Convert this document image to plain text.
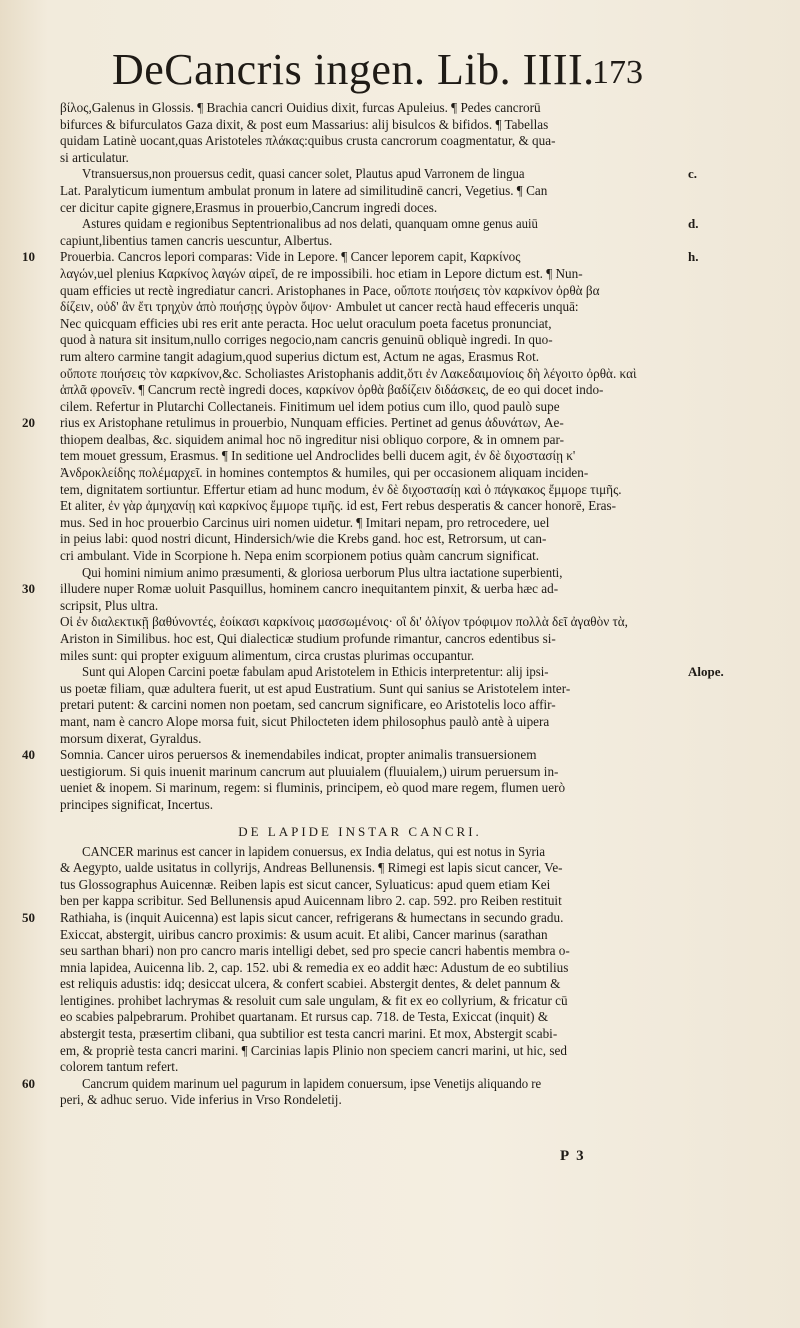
DeCancris ingen. Lib. IIII.
173
βίλος,Galenus in Glossis. ¶ Brachia cancri Ouidius dixit, furcas Apuleius. ¶ Pedes cancrorū
bifurces & bifurculatos Gaza dixit, & post eum Massarius: alij bisulcos & bifidos. ¶ Tabellas
quidam Latinè uocant,quas Aristoteles πλάκας:quibus crusta cancrorum coagmentatur, & qua-
si articulatur.
Vtransuersus,non prouersus cedit, quasi cancer solet, Plautus apud Varronem de lingua	c.
Lat. Paralyticum iumentum ambulat pronum in latere ad similitudinē cancri, Vegetius. ¶ Can
cer dicitur capite gignere,Erasmus in prouerbio,Cancrum ingredi doces.
Astures quidam e regionibus Septentrionalibus ad nos delati, quanquam omne genus auiū	d.
capiunt,libentius tamen cancris uescuntur, Albertus.
10	Prouerbia. Cancros lepori comparas: Vide in Lepore. ¶ Cancer leporem capit, Καρκίνος	h.
λαγών,uel plenius Καρκίνος λαγών αἱρεῖ, de re impossibili. hoc etiam in Lepore dictum est. ¶ Nun-
quam efficies ut rectè ingrediatur cancri. Aristophanes in Pace, οὔποτε ποιήσεις τὸν καρκίνον ὀρθὰ βα
δίζειν, οὐδ' ἂν ἔτι τρηχὺν ἀπὸ ποιήσῃς ὑγρὸν ὄψον· Ambulet ut cancer rectà haud effeceris unquā:
Nec quicquam efficies ubi res erit ante peracta. Hoc uelut oraculum poeta facetus pronunciat,
quod à natura sit insitum,nullo corriges negocio,nam cancris genuinū obliquè ingredi. In quo-
rum altero carmine tangit adagium,quod superius dictum est, Actum ne agas, Erasmus Rot.
οὔποτε ποιήσεις τὸν καρκίνον,&c. Scholiastes Aristophanis addit,ὅτι ἐν Λακεδαιμονίοις δὴ λέγοιτο ὀρθὰ. καὶ
ἁπλᾶ φρονεῖν. ¶ Cancrum rectè ingredi doces, καρκίνον ὀρθὰ βαδίζειν διδάσκεις, de eo qui docet indo-
cilem. Refertur in Plutarchi Collectaneis. Finitimum uel idem potius cum illo, quod paulò supe
20	rius ex Aristophane retulimus in prouerbio, Nunquam efficies. Pertinet ad genus ἀδυνάτων, Ae-
thiopem dealbas, &c. siquidem animal hoc nō ingreditur nisi obliquo corpore, & in omnem par-
tem mouet gressum, Erasmus. ¶ In seditione uel Androclides belli ducem agit, ἐν δὲ διχοστασίῃ κ'
Ἀνδροκλείδης πολέμαρχεῖ. in homines contemptos & humiles, qui per occasionem aliquam inciden-
tem, dignitatem sortiuntur. Effertur etiam ad hunc modum, ἐν δὲ διχοστασίῃ καὶ ὁ πάγκακος ἔμμορε τιμῆς.
Et aliter, ἐν γὰρ ἀμηχανίῃ καὶ καρκίνος ἔμμορε τιμῆς. id est, Fert rebus desperatis & cancer honorē, Eras-
mus. Sed in hoc prouerbio Carcinus uiri nomen uidetur. ¶ Imitari nepam, pro retrocedere, uel
in peius labi: quod nostri dicunt, Hindersich/wie die Krebs gand. hoc est, Retrorsum, ut can-
cri ambulant. Vide in Scorpione h. Nepa enim scorpionem potius quàm cancrum significat.
Qui homini nimium animo præsumenti, & gloriosa uerborum Plus ultra iactatione superbienti,
30	illudere nuper Romæ uoluit Pasquillus, hominem cancro inequitantem pinxit, & uerba hæc ad-
scripsit, Plus ultra.
Οἱ ἐν διαλεκτικῇ βαθύνοντές, ἐοίκασι καρκίνοις μασσωμένοις· οἳ δι' ὀλίγον τρόφιμον πολλὰ δεῖ ἀγαθὸν τὰ,
Ariston in Similibus. hoc est, Qui dialecticæ studium profunde rimantur, cancros edentibus si-
miles sunt: qui propter exiguum alimentum, circa crustas plurimas occupantur.
Sunt qui Alopen Carcini poetæ fabulam apud Aristotelem in Ethicis interpretentur: alij ipsi-	Alope.
us poetæ filiam, quæ adultera fuerit, ut est apud Eustratium. Sunt qui sanius se Aristotelem inter-
pretari putent: & carcini nomen non poetam, sed cancrum significare, eo Aristotelis loco affir-
mant, nam è cancro Alope morsa fuit, sicut Philocteten idem philosophus paulò antè à uipera
morsum dixerat, Gyraldus.
40	Somnia. Cancer uiros peruersos & inemendabiles indicat, propter animalis transuersionem
uestigiorum. Si quis inuenit marinum cancrum aut pluuialem (fluuialem,) uirum peruersum in-
ueniet & inopem. Si marinum, regem: si fluminis, principem, eò quod mare regem, flumen uerò
principes significat, Incertus.
DE LAPIDE INSTAR CANCRI.
CANCER marinus est cancer in lapidem conuersus, ex India delatus, qui est notus in Syria
& Aegypto, ualde usitatus in collyrijs, Andreas Bellunensis. ¶ Rimegi est lapis sicut cancer, Ve-
tus Glossographus Auicennæ. Reiben lapis est sicut cancer, Syluaticus: apud quem etiam Kei
ben per kappa scribitur. Sed Bellunensis apud Auicennam libro 2. cap. 592. pro Reiben restituit
50	Rathiaha, is (inquit Auicenna) est lapis sicut cancer, refrigerans & humectans in secundo gradu.
Exiccat, abstergit, uiribus cancro proximis: & usum acuit. Et alibi, Cancer marinus (sarathan
seu sarthan bhari) non pro cancro maris intelligi debet, sed pro specie cancri habentis membra o-
mnia lapidea, Auicenna lib. 2, cap. 152. ubi & remedia ex eo addit hæc: Adustum de eo subtilius
est reliquis adustis: idq; desiccat ulcera, & confert scabiei. Abstergit dentes, & delet pannum &
lentigines. prohibet lachrymas & resoluit cum sale ungulam, & fit ex eo collyrium, & fricatur cū
eo scabies palpebrarum. Prohibet quartanam. Et rursus cap. 718. de Testa, Exiccat (inquit) &
abstergit testa, præsertim clibani, qua subtilior est testa cancri marini. Et mox, Abstergit scabi-
em, & propriè testa cancri marini. ¶ Carcinias lapis Plinio non speciem cancri marini, ut hic, sed
colorem tantum refert.
60	Cancrum quidem marinum uel pagurum in lapidem conuersum, ipse Venetijs aliquando re
peri, & adhuc seruo. Vide inferius in Vrso Rondeletij.
P 3
